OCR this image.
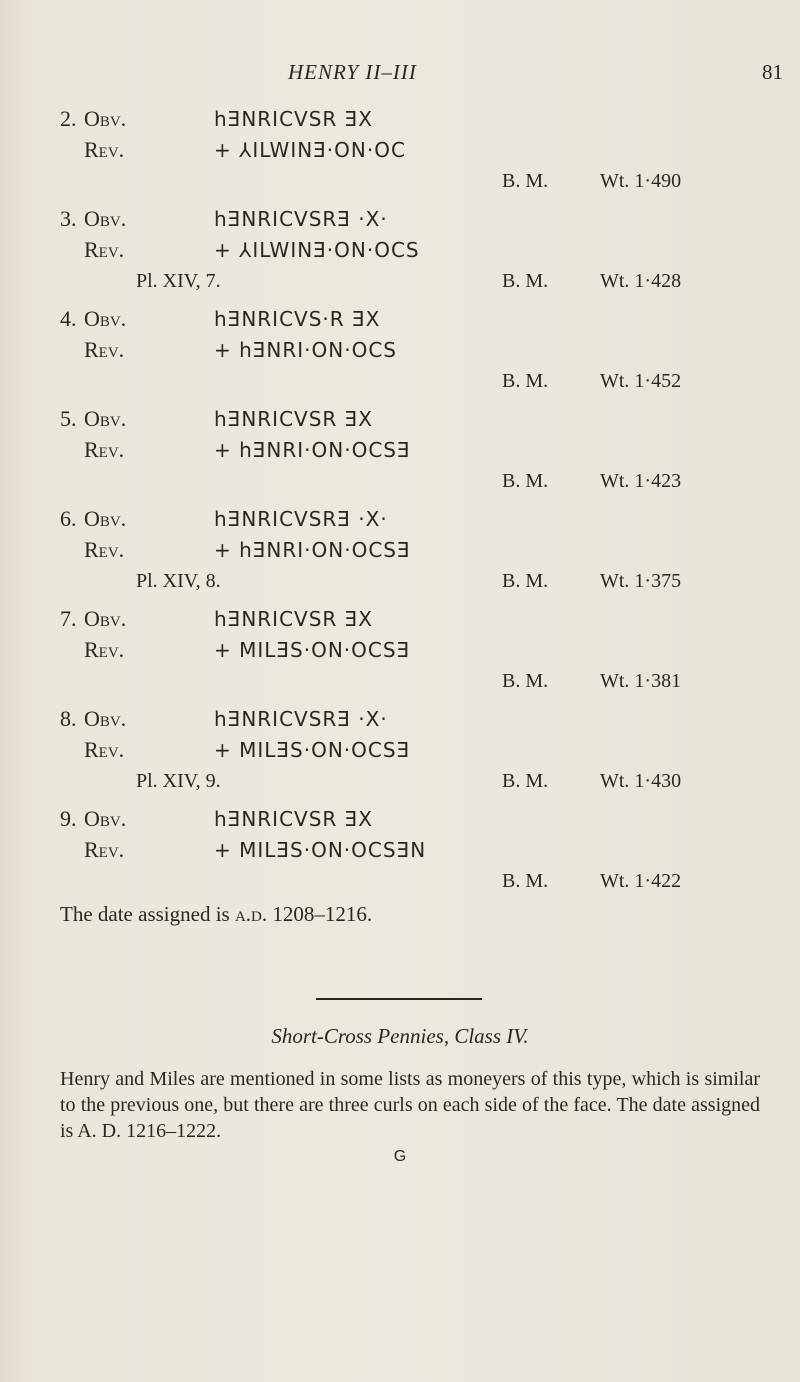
HENRY II–III	81
2. Obv.	hƎNRICVSR ƎX
Rev.	+ ⅄ILWINƎ·ON·OC
B. M.	Wt. 1·490
3. Obv.	hƎNRICVSRƎ ·X·
Rev.	+ ⅄ILWINƎ·ON·OCS
Pl. XIV, 7.	B. M.	Wt. 1·428
4. Obv.	hƎNRICVS·R ƎX
Rev.	+ hƎNRI·ON·OCS
B. M.	Wt. 1·452
5. Obv.	hƎNRICVSR ƎX
Rev.	+ hƎNRI·ON·OCSƎ
B. M.	Wt. 1·423
6. Obv.	hƎNRICVSRƎ ·X·
Rev.	+ hƎNRI·ON·OCSƎ
Pl. XIV, 8.	B. M.	Wt. 1·375
7. Obv.	hƎNRICVSR ƎX
Rev.	+ MILƎS·ON·OCSƎ
B. M.	Wt. 1·381
8. Obv.	hƎNRICVSRƎ ·X·
Rev.	+ MILƎS·ON·OCSƎ
Pl. XIV, 9.	B. M.	Wt. 1·430
9. Obv.	hƎNRICVSR ƎX
Rev.	+ MILƎS·ON·OCSƎN
B. M.	Wt. 1·422
The date assigned is a.d. 1208–1216.
Short-Cross Pennies, Class IV.
Henry and Miles are mentioned in some lists as moneyers of this type, which is similar to the previous one, but there are three curls on each side of the face. The date assigned is A. D. 1216–1222.
G
